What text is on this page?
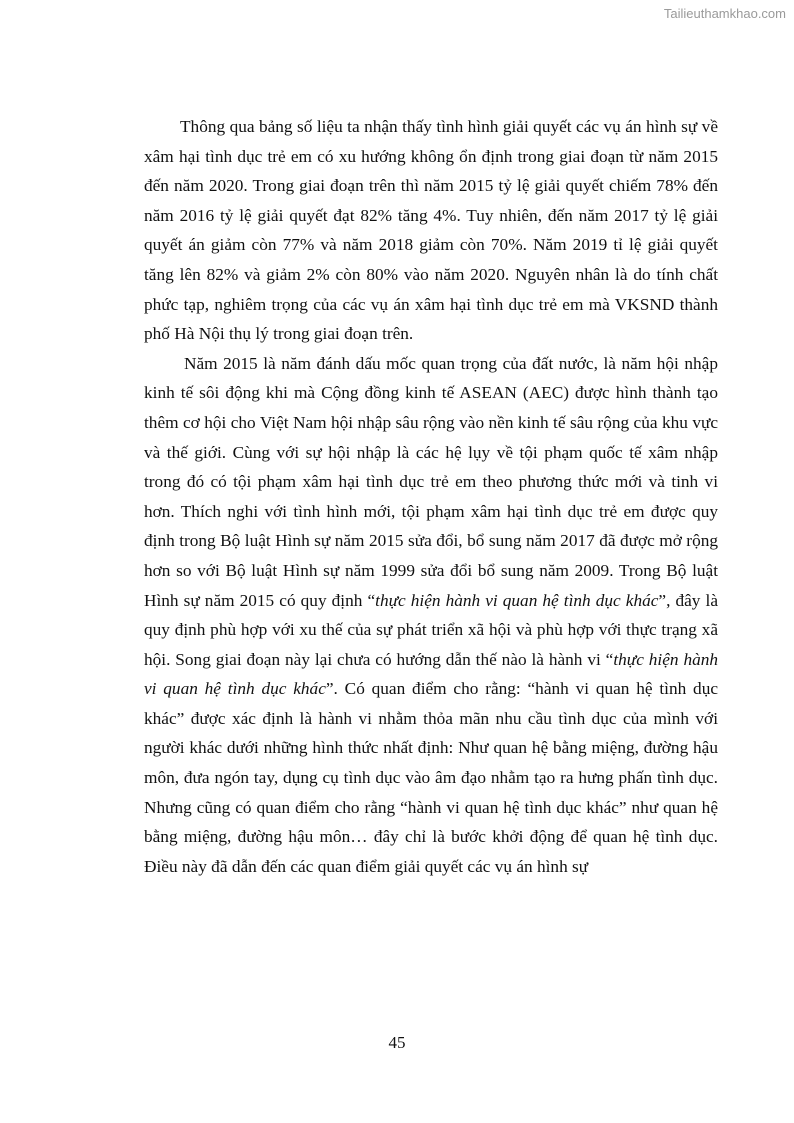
Tailieuthamkhao.com

Thông qua bảng số liệu ta nhận thấy tình hình giải quyết các vụ án hình sự về xâm hại tình dục trẻ em có xu hướng không ổn định trong giai đoạn từ năm 2015 đến năm 2020. Trong giai đoạn trên thì năm 2015 tỷ lệ giải quyết chiếm 78% đến năm 2016 tỷ lệ giải quyết đạt 82% tăng 4%. Tuy nhiên, đến năm 2017 tỷ lệ giải quyết án giảm còn 77% và năm 2018 giảm còn 70%. Năm 2019 tỉ lệ giải quyết tăng lên 82% và giảm 2% còn 80% vào năm 2020. Nguyên nhân là do tính chất phức tạp, nghiêm trọng của các vụ án xâm hại tình dục trẻ em mà VKSND thành phố Hà Nội thụ lý trong giai đoạn trên.

Năm 2015 là năm đánh dấu mốc quan trọng của đất nước, là năm hội nhập kinh tế sôi động khi mà Cộng đồng kinh tế ASEAN (AEC) được hình thành tạo thêm cơ hội cho Việt Nam hội nhập sâu rộng vào nền kinh tế sâu rộng của khu vực và thế giới. Cùng với sự hội nhập là các hệ lụy về tội phạm quốc tế xâm nhập trong đó có tội phạm xâm hại tình dục trẻ em theo phương thức mới và tinh vi hơn. Thích nghi với tình hình mới, tội phạm xâm hại tình dục trẻ em được quy định trong Bộ luật Hình sự năm 2015 sửa đổi, bổ sung năm 2017 đã được mở rộng hơn so với Bộ luật Hình sự năm 1999 sửa đổi bổ sung năm 2009. Trong Bộ luật Hình sự năm 2015 có quy định “thực hiện hành vi quan hệ tình dục khác”, đây là quy định phù hợp với xu thế của sự phát triển xã hội và phù hợp với thực trạng xã hội. Song giai đoạn này lại chưa có hướng dẫn thế nào là hành vi “thực hiện hành vi quan hệ tình dục khác”. Có quan điểm cho rằng: “hành vi quan hệ tình dục khác” được xác định là hành vi nhằm thỏa mãn nhu cầu tình dục của mình với người khác dưới những hình thức nhất định: Như quan hệ bằng miệng, đường hậu môn, đưa ngón tay, dụng cụ tình dục vào âm đạo nhằm tạo ra hưng phấn tình dục. Nhưng cũng có quan điểm cho rằng “hành vi quan hệ tình dục khác” như quan hệ bằng miệng, đường hậu môn… đây chỉ là bước khởi động để quan hệ tình dục. Điều này đã dẫn đến các quan điểm giải quyết các vụ án hình sự

45
